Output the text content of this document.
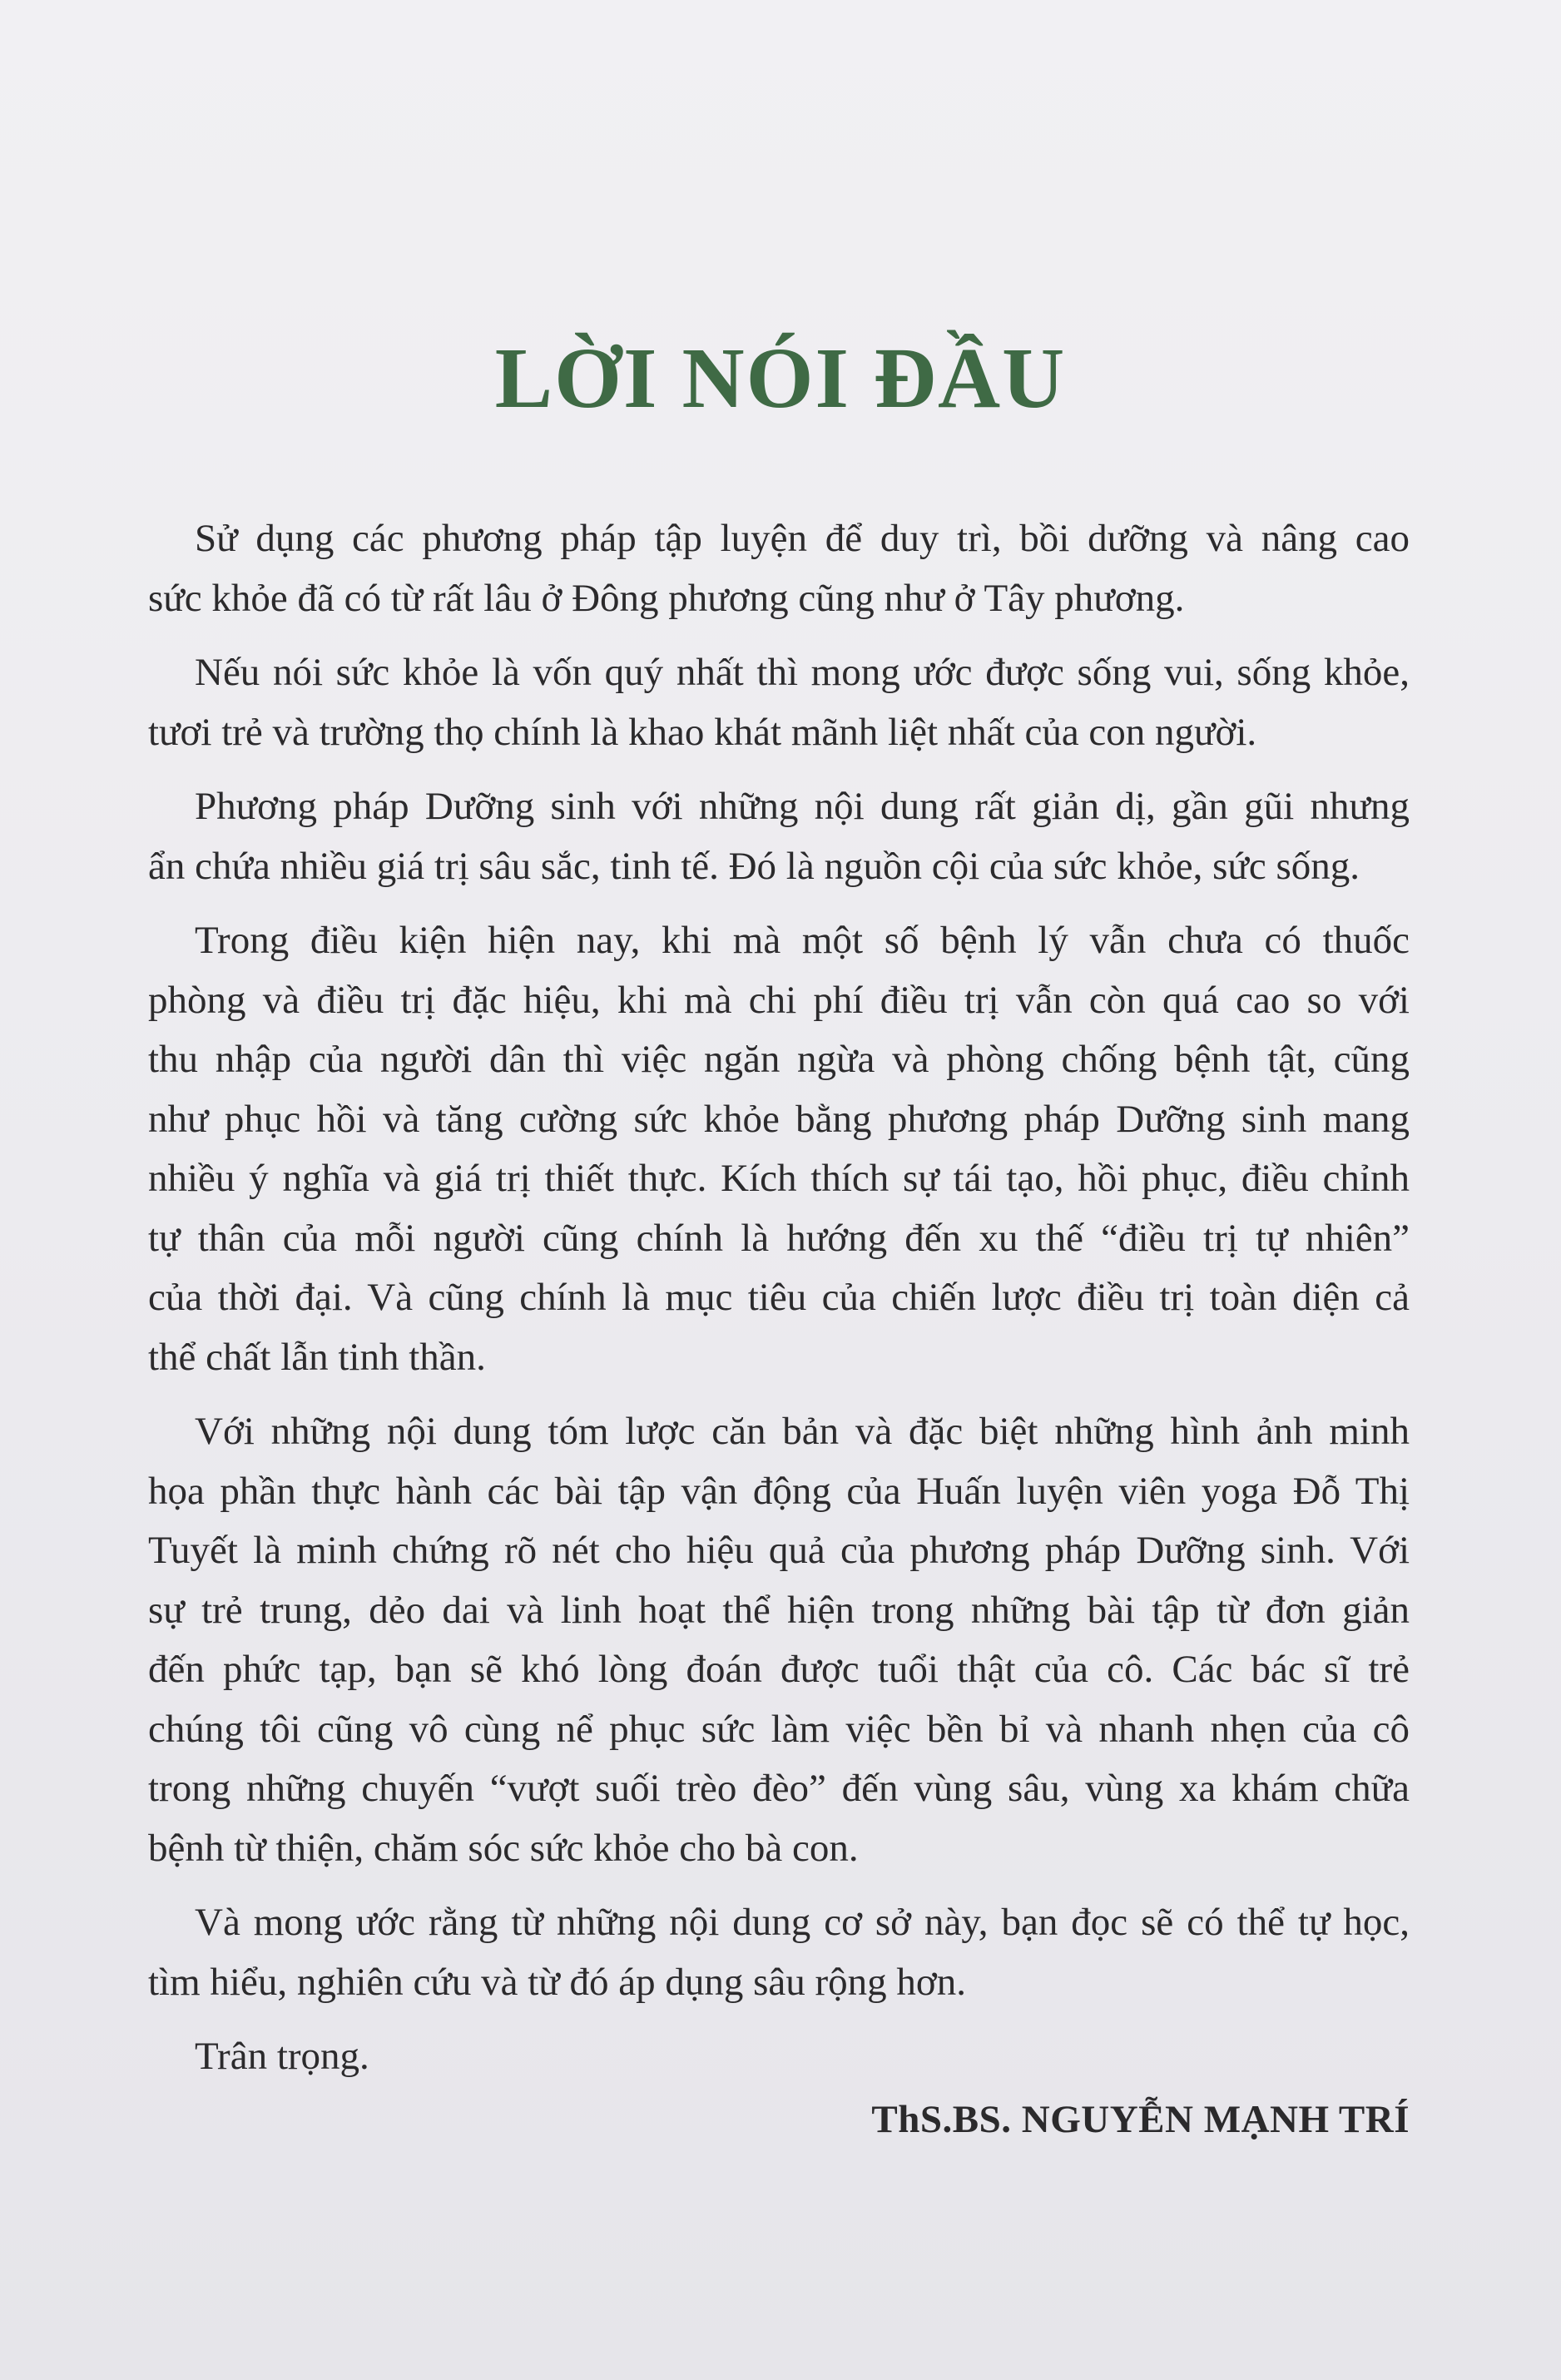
LỜI NÓI ĐẦU
Sử dụng các phương pháp tập luyện để duy trì, bồi dưỡng và nâng cao
sức khỏe đã có từ rất lâu ở Đông phương cũng như ở Tây phương.
Nếu nói sức khỏe là vốn quý nhất thì mong ước được sống vui, sống khỏe,
tươi trẻ và trường thọ chính là khao khát mãnh liệt nhất của con người.
Phương pháp Dưỡng sinh với những nội dung rất giản dị, gần gũi nhưng
ẩn chứa nhiều giá trị sâu sắc, tinh tế. Đó là nguồn cội của sức khỏe, sức sống.
Trong điều kiện hiện nay, khi mà một số bệnh lý vẫn chưa có thuốc
phòng và điều trị đặc hiệu, khi mà chi phí điều trị vẫn còn quá cao so với
thu nhập của người dân thì việc ngăn ngừa và phòng chống bệnh tật, cũng
như phục hồi và tăng cường sức khỏe bằng phương pháp Dưỡng sinh mang
nhiều ý nghĩa và giá trị thiết thực. Kích thích sự tái tạo, hồi phục, điều chỉnh
tự thân của mỗi người cũng chính là hướng đến xu thế “điều trị tự nhiên”
của thời đại. Và cũng chính là mục tiêu của chiến lược điều trị toàn diện cả
thể chất lẫn tinh thần.
Với những nội dung tóm lược căn bản và đặc biệt những hình ảnh minh
họa phần thực hành các bài tập vận động của Huấn luyện viên yoga Đỗ Thị
Tuyết là minh chứng rõ nét cho hiệu quả của phương pháp Dưỡng sinh. Với
sự trẻ trung, dẻo dai và linh hoạt thể hiện trong những bài tập từ đơn giản
đến phức tạp, bạn sẽ khó lòng đoán được tuổi thật của cô. Các bác sĩ trẻ
chúng tôi cũng vô cùng nể phục sức làm việc bền bỉ và nhanh nhẹn của cô
trong những chuyến “vượt suối trèo đèo” đến vùng sâu, vùng xa khám chữa
bệnh từ thiện, chăm sóc sức khỏe cho bà con.
Và mong ước rằng từ những nội dung cơ sở này, bạn đọc sẽ có thể tự học,
tìm hiểu, nghiên cứu và từ đó áp dụng sâu rộng hơn.
Trân trọng.
ThS.BS. NGUYỄN MẠNH TRÍ
